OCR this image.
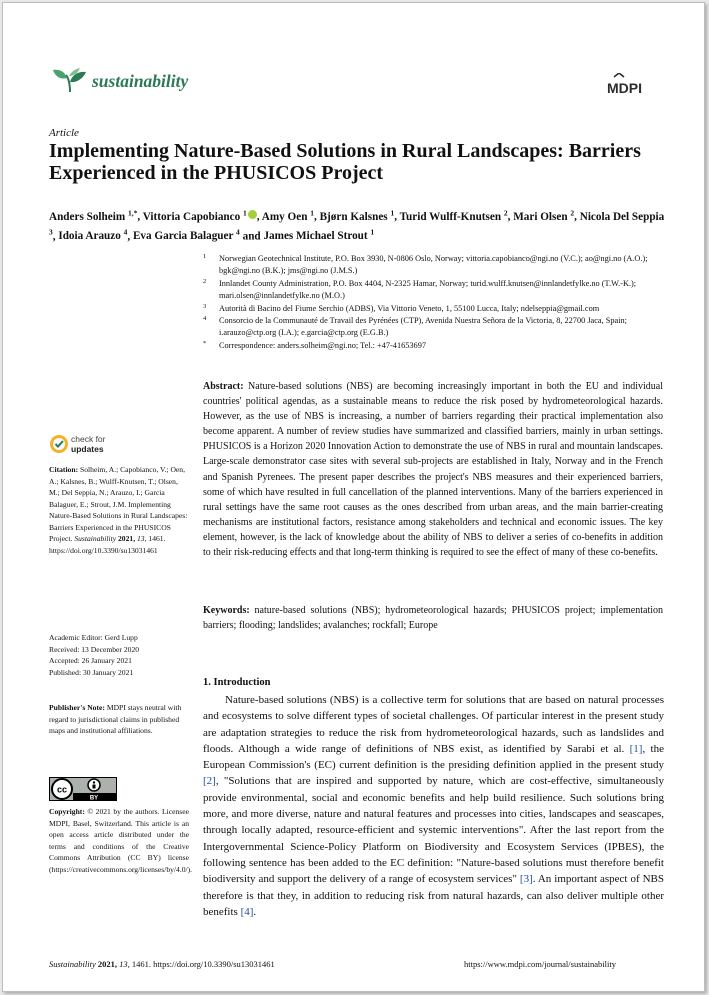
sustainability	MDPI
Article
Implementing Nature-Based Solutions in Rural Landscapes: Barriers Experienced in the PHUSICOS Project
Anders Solheim $^{1,*}$, Vittoria Capobianco $^1$ , Amy Oen $^1$, Bjørn Kalsnes $^1$, Turid Wulff-Knutsen $^2$, Mari Olsen $^2$, Nicola Del Seppia $^3$, Idoia Arauzo $^4$, Eva Garcia Balaguer $^4$ and James Michael Strout $^1$
1 Norwegian Geotechnical Institute, P.O. Box 3930, N-0806 Oslo, Norway; vittoria.capobianco@ngi.no (V.C.); ao@ngi.no (A.O.); bgk@ngi.no (B.K.); jms@ngi.no (J.M.S.)
2 Innlandet County Administration, P.O. Box 4404, N-2325 Hamar, Norway; turid.wulff.knutsen@innlandetfylke.no (T.W.-K.); mari.olsen@innlandetfylke.no (M.O.)
3 Autorità di Bacino del Fiume Serchio (ADBS), Via Vittorio Veneto, 1, 55100 Lucca, Italy; ndelseppia@gmail.com
4 Consorcio de la Communauté de Travail des Pyrénées (CTP), Avenida Nuestra Señora de la Victoria, 8, 22700 Jaca, Spain; i.arauzo@ctp.org (I.A.); e.garcia@ctp.org (E.G.B.)
* Correspondence: anders.solheim@ngi.no; Tel.: +47-41653697
Abstract: Nature-based solutions (NBS) are becoming increasingly important in both the EU and individual countries' political agendas, as a sustainable means to reduce the risk posed by hydrometeorological hazards. However, as the use of NBS is increasing, a number of barriers regarding their practical implementation also become apparent. A number of review studies have summarized and classified barriers, mainly in urban settings. PHUSICOS is a Horizon 2020 Innovation Action to demonstrate the use of NBS in rural and mountain landscapes. Large-scale demonstrator case sites with several sub-projects are established in Italy, Norway and in the French and Spanish Pyrenees. The present paper describes the project's NBS measures and their experienced barriers, some of which have resulted in full cancellation of the planned interventions. Many of the barriers experienced in rural settings have the same root causes as the ones described from urban areas, and the main barrier-creating mechanisms are institutional factors, resistance among stakeholders and technical and economic issues. The key element, however, is the lack of knowledge about the ability of NBS to deliver a series of co-benefits in addition to their risk-reducing effects and that long-term thinking is required to see the effect of many of these co-benefits.
Keywords: nature-based solutions (NBS); hydrometeorological hazards; PHUSICOS project; implementation barriers; flooding; landslides; avalanches; rockfall; Europe
1. Introduction
Nature-based solutions (NBS) is a collective term for solutions that are based on natural processes and ecosystems to solve different types of societal challenges. Of particular interest in the present study are adaptation strategies to reduce the risk from hydrometeorological hazards, such as landslides and floods. Although a wide range of definitions of NBS exist, as identified by Sarabi et al. [1], the European Commission's (EC) current definition is the presiding definition applied in the present study [2], "Solutions that are inspired and supported by nature, which are cost-effective, simultaneously provide environmental, social and economic benefits and help build resilience. Such solutions bring more, and more diverse, nature and natural features and processes into cities, landscapes and seascapes, through locally adapted, resource-efficient and systemic interventions". After the last report from the Intergovernmental Science-Policy Platform on Biodiversity and Ecosystem Services (IPBES), the following sentence has been added to the EC definition: "Nature-based solutions must therefore benefit biodiversity and support the delivery of a range of ecosystem services" [3]. An important aspect of NBS therefore is that they, in addition to reducing risk from natural hazards, can also deliver multiple other benefits [4].
check for
updates
Citation: Solheim, A.; Capobianco, V.; Oen, A.; Kalsnes, B.; Wulff-Knutsen, T.; Olsen, M.; Del Seppia, N.; Arauzo, I.; Garcia Balaguer, E.; Strout, J.M. Implementing Nature-Based Solutions in Rural Landscapes: Barriers Experienced in the PHUSICOS Project. Sustainability 2021, 13, 1461. https://doi.org/10.3390/su13031461
Academic Editor: Gerd Lupp
Received: 13 December 2020
Accepted: 26 January 2021
Published: 30 January 2021
Publisher's Note: MDPI stays neutral with regard to jurisdictional claims in published maps and institutional affiliations.
cc
BY
Copyright: © 2021 by the authors. Licensee MDPI, Basel, Switzerland. This article is an open access article distributed under the terms and conditions of the Creative Commons Attribution (CC BY) license (https://creativecommons.org/licenses/by/4.0/).
Sustainability 2021, 13, 1461. https://doi.org/10.3390/su13031461	https://www.mdpi.com/journal/sustainability
